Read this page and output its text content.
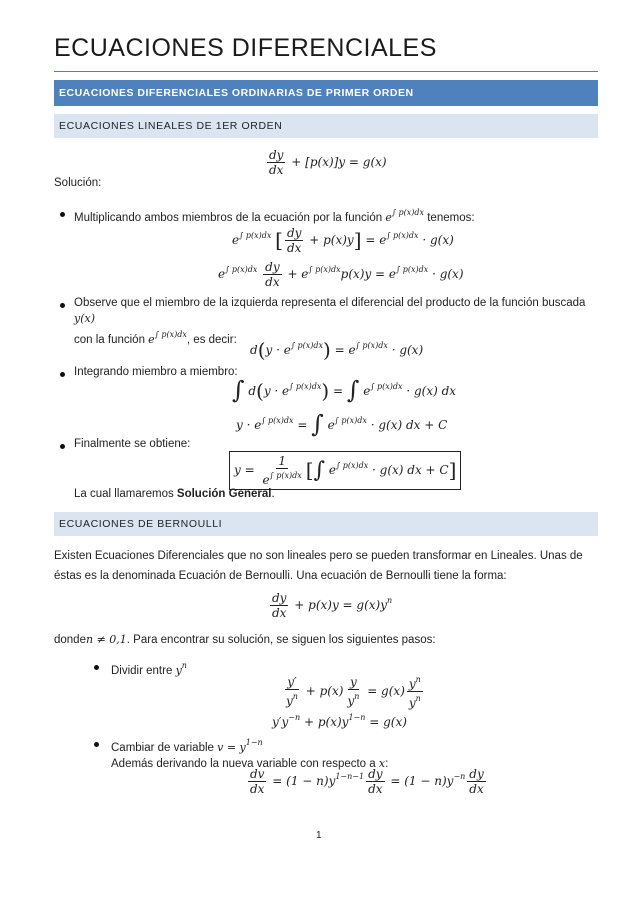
ECUACIONES DIFERENCIALES
ECUACIONES DIFERENCIALES ORDINARIAS DE PRIMER ORDEN
ECUACIONES LINEALES DE 1ER ORDEN
$\frac{dy}{dx} + [p(x)]y = g(x)$
Solución:
Multiplicando ambos miembros de la ecuación por la función $e^{\int p(x)dx}$ tenemos:
$e^{\int p(x)dx}$ [ $\frac{dy}{dx} + p(x)y] = e^{\int p(x)dx} \cdot g(x)$
$e^{\int p(x)dx} \frac{dy}{dx} + e^{\int p(x)dx}p(x)y = e^{\int p(x)dx} \cdot g(x)$
Observe que el miembro de la izquierda representa el diferencial del producto de la función buscada y(x)
con la función $e^{\int p(x)dx}$, es decir:
$d(y \cdot e^{\int p(x)dx}) = e^{\int p(x)dx} \cdot g(x)$
Integrando miembro a miembro:
∫ $d(y \cdot e^{\int p(x)dx})$ = ∫ $e^{\int p(x)dx} \cdot g(x)$ dx
$y \cdot e^{\int p(x)dx}$ = ∫ $e^{\int p(x)dx} \cdot g(x)$ dx + C
Finalmente se obtiene:
$y = \frac{1}{e^{\int p(x)dx}}$ [∫ $e^{\int p(x)dx} \cdot g(x)$ dx + C]
La cual llamaremos Solución General.
ECUACIONES DE BERNOULLI
Existen Ecuaciones Diferenciales que no son lineales pero se pueden transformar en Lineales. Unas de éstas es la denominada Ecuación de Bernoulli. Una ecuación de Bernoulli tiene la forma:
$\frac{dy}{dx} + p(x)y = g(x)y^n$
donden ≠ 0,1. Para encontrar su solución, se siguen los siguientes pasos:
Dividir entre $y^n$
$\frac{y'}{y^n} + p(x) \frac{y}{y^n} = g(x) \frac{y^n}{y^n}$
$y'y^{-n} + p(x)y^{1-n} = g(x)$
Cambiar de variable $v = y^{1-n}$
Además derivando la nueva variable con respecto a x:
$\frac{dv}{dx} = (1 - n)y^{1-n-1} \frac{dy}{dx} = (1 - n)y^{-n} \frac{dy}{dx}$
1
